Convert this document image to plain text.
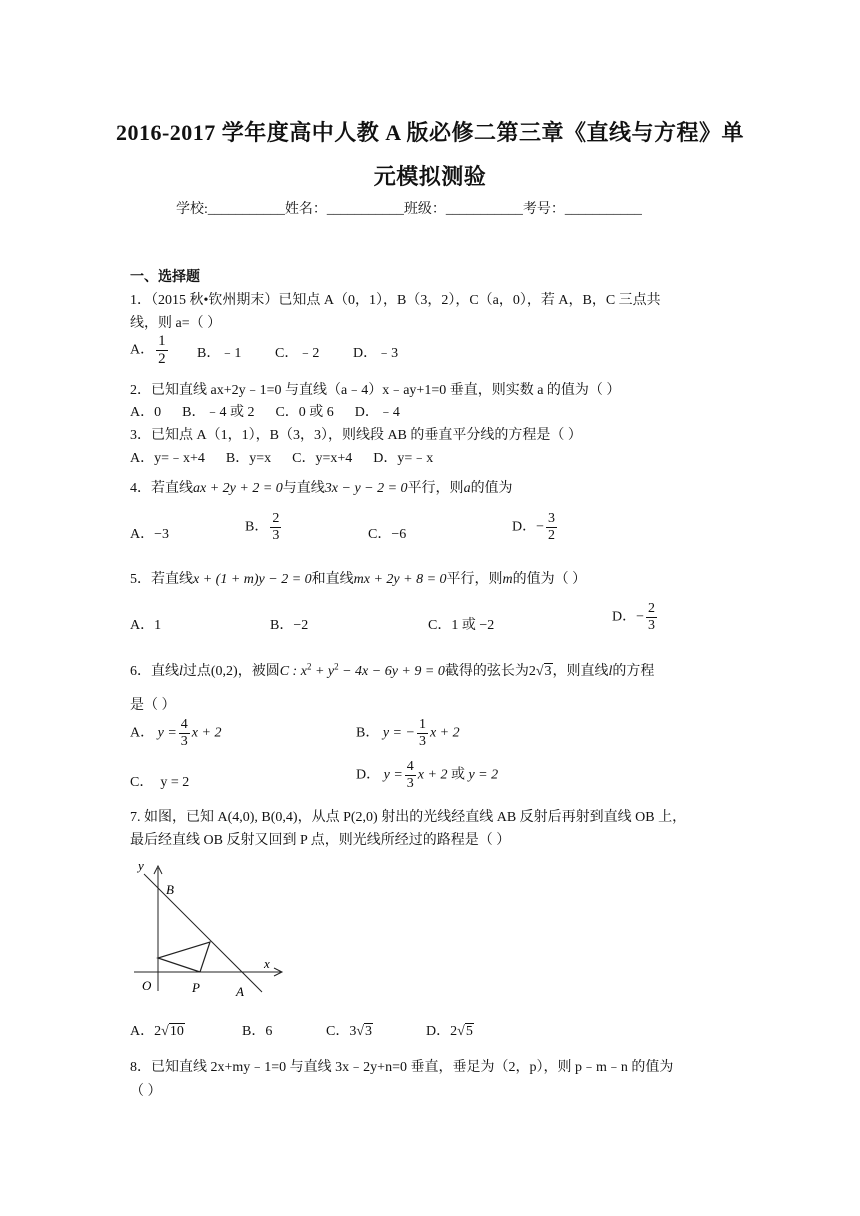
2016-2017 学年度高中人教 A 版必修二第三章《直线与方程》单
元模拟测验
学校:___________姓名：___________班级：___________考号：___________
一、选择题
1．（2015 秋•钦州期末）已知点 A（0，1），B（3，2），C（a，0），若 A，B，C 三点共
线，则 a=（ ）
A． $\frac{1}{2}$ B．﹣1 C．﹣2 D．﹣3
2．已知直线 ax+2y﹣1=0 与直线（a﹣4）x﹣ay+1=0 垂直，则实数 a 的值为（ ）
A．0      B．﹣4 或 2      C．0 或 6      D．﹣4
3．已知点 A（1，1），B（3，3），则线段 AB 的垂直平分线的方程是（ ）
A．y=﹣x+4      B．y=x      C．y=x+4      D．y=﹣x
4．若直线ax + 2y + 2 = 0与直线3x − y − 2 = 0平行，则a的值为
A．−3	B． $\frac{2}{3}$	C．−6	D．− $\frac{3}{2}$
5．若直线x + (1 + m)y − 2 = 0和直线mx + 2y + 8 = 0平行，则m的值为（ ）
A．1	B．−2	C．1 或 −2
D．− $\frac{2}{3}$
6．直线l过点(0,2)，被圆C : $x^2 + y^2 - 4x - 6y + 9 = 0$截得的弦长为2√3，则直线l的方程
是（ ）
A． $y = \frac{4}{3}$ x + 2	B． y = − $\frac{1}{3}$ x + 2
C．  y = 2	D． $y = \frac{4}{3}$ x + 2 或 y = 2
7. 如图，已知 A(4,0), B(0,4)，从点 P(2,0) 射出的光线经直线 AB 反射后再射到直线 OB 上，
最后经直线 OB 反射又回到 P 点，则光线所经过的路程是（ ）
y
x
B
O	P	A
A．2√10	B．6	C．3√3	D．2√5
8．已知直线 2x+my﹣1=0 与直线 3x﹣2y+n=0 垂直，垂足为（2，p），则 p﹣m﹣n 的值为
（ ）
